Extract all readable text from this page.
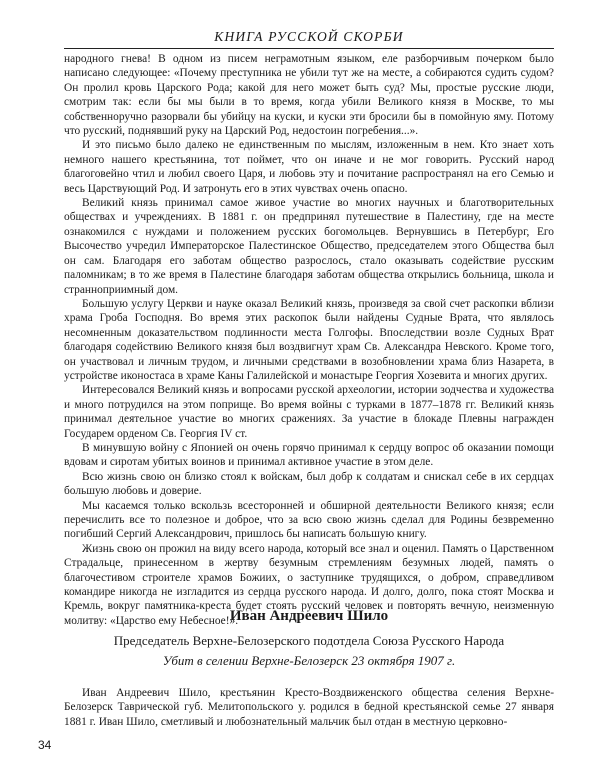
КНИГА РУССКОЙ СКОРБИ

народного гнева! В одном из писем неграмотным языком, еле разборчивым почерком было написано следующее: «Почему преступника не убили тут же на месте, а собираются судить судом? Он пролил кровь Царского Рода; какой для него может быть суд? Мы, простые русские люди, смотрим так: если бы мы были в то время, когда убили Великого князя в Москве, то мы собственноручно разорвали бы убийцу на куски, и куски эти бросили бы в помойную яму. Потому что русский, поднявший руку на Царский Род, недостоин погребения...».

И это письмо было далеко не единственным по мыслям, изложенным в нем. Кто знает хоть немного нашего крестьянина, тот поймет, что он иначе и не мог говорить. Русский народ благоговейно чтил и любил своего Царя, и любовь эту и почитание распространял на его Семью и весь Царствующий Род. И затронуть его в этих чувствах очень опасно.

Великий князь принимал самое живое участие во многих научных и благотворительных обществах и учреждениях. В 1881 г. он предпринял путешествие в Палестину, где на месте ознакомился с нуждами и положением русских богомольцев. Вернувшись в Петербург, Его Высочество учредил Императорское Палестинское Общество, председателем этого Общества был он сам. Благодаря его заботам общество разрослось, стало оказывать содействие русским паломникам; в то же время в Палестине благодаря заботам общества открылись больница, школа и странноприимный дом.

Большую услугу Церкви и науке оказал Великий князь, произведя за свой счет раскопки вблизи храма Гроба Господня. Во время этих раскопок были найдены Судные Врата, что являлось несомненным доказательством подлинности места Голгофы. Впоследствии возле Судных Врат благодаря содействию Великого князя был воздвигнут храм Св. Александра Невского. Кроме того, он участвовал и личным трудом, и личными средствами в возобновлении храма близ Назарета, в устройстве иконостаса в храме Каны Галилейской и монастыре Георгия Хозевита и многих других.

Интересовался Великий князь и вопросами русской археологии, истории зодчества и художества и много потрудился на этом поприще. Во время войны с турками в 1877–1878 гг. Великий князь принимал деятельное участие во многих сражениях. За участие в блокаде Плевны награжден Государем орденом Св. Георгия IV ст.

В минувшую войну с Японией он очень горячо принимал к сердцу вопрос об оказании помощи вдовам и сиротам убитых воинов и принимал активное участие в этом деле.

Всю жизнь свою он близко стоял к войскам, был добр к солдатам и снискал себе в их сердцах большую любовь и доверие.

Мы касаемся только вскользь всесторонней и обширной деятельности Великого князя; если перечислить все то полезное и доброе, что за всю свою жизнь сделал для Родины безвременно погибший Сергий Александрович, пришлось бы написать большую книгу.

Жизнь свою он прожил на виду всего народа, который все знал и оценил. Память о Царственном Страдальце, принесенном в жертву безумным стремлениям безумных людей, память о благочестивом строителе храмов Божиих, о заступнике трудящихся, о добром, справедливом командире никогда не изгладится из сердца русского народа. И долго, долго, пока стоят Москва и Кремль, вокруг памятника-креста будет стоять русский человек и повторять вечную, неизменную молитву: «Царство ему Небесное!».

Иван Андреевич Шило
Председатель Верхне-Белозерского подотдела Союза Русского Народа
Убит в селении Верхне-Белозерск 23 октября 1907 г.

Иван Андреевич Шило, крестьянин Кресто-Воздвиженского общества селения Верхне-Белозерск Таврической губ. Мелитопольского у. родился в бедной крестьянской семье 27 января 1881 г. Иван Шило, сметливый и любознательный мальчик был отдан в местную церковно-

34
